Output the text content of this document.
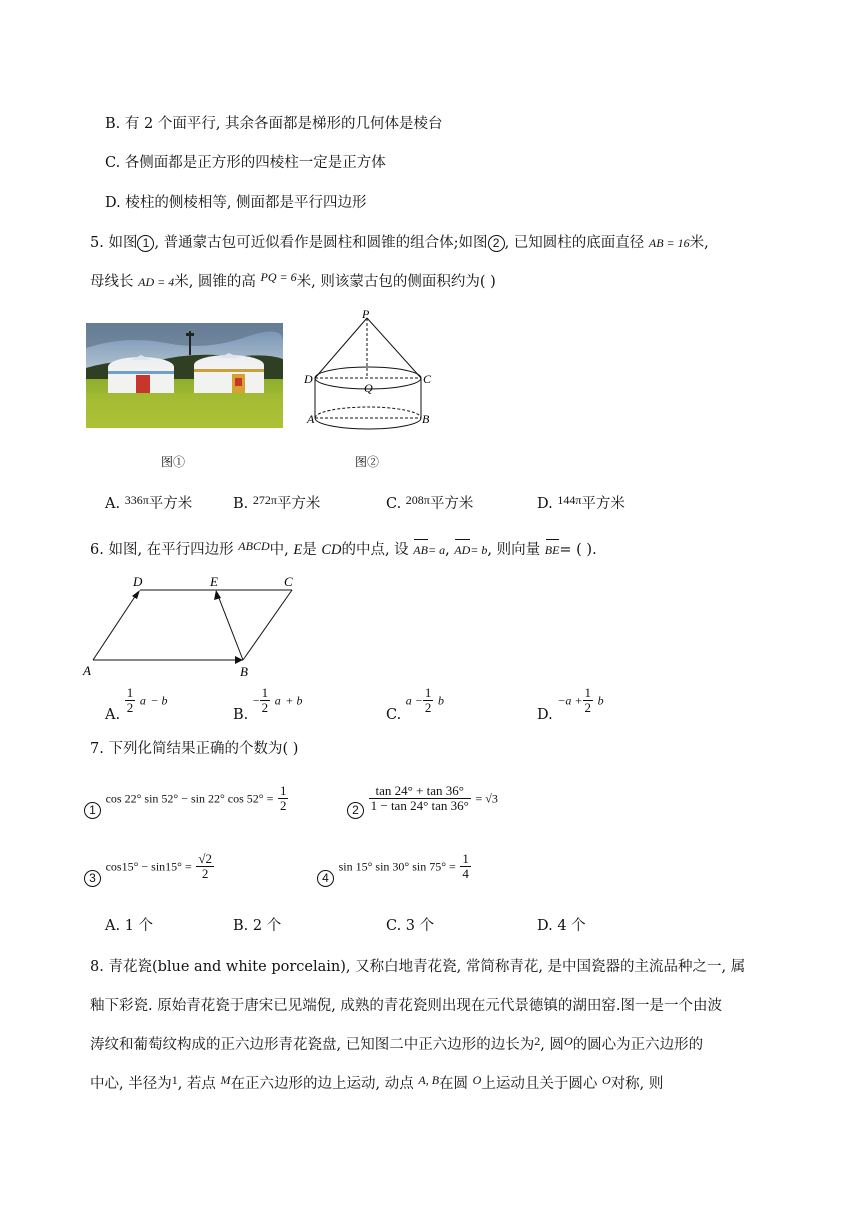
B. 有 2 个面平行, 其余各面都是梯形的几何体是棱台
C. 各侧面都是正方形的四棱柱一定是正方体
D. 棱柱的侧棱相等, 侧面都是平行四边形
5. 如图 1 , 普通蒙古包可近似看作是圆柱和圆锥的组合体;如图 2 , 已知圆柱的底面直径 AB = 16米,
母线长 AD = 4米, 圆锥的高 $^{PQ = 6}$米, 则该蒙古包的侧面积约为( )
图①
P
D	C
Q
A	B
图②
A. $^{336\pi}$平方米	B. $^{272\pi}$平方米	C. $^{208\pi}$平方米	D. $^{144\pi}$平方米
6. 如图, 在平行四边形 $^{ABCD}$中, E是 CD的中点, 设 AB= a, AD= b, 则向量 BE= ( ).
A	B
C
D	E
A. $\frac{1}{2}$ a − b
B. − $\frac{1}{2}$ a + b
C. $a - \frac{1}{2}$ b
D. $-a + \frac{1}{2}$ b
7. 下列化简结果正确的个数为( )
1 cos 22° sin 52° − sin 22° $\cos 52^\circ = \frac{1}{2}$	$2 \frac{\tan 24^\circ + \tan 36^\circ}{1 - \tan 24^\circ \tan 36^\circ} = √3$
3 $\cos 15^\circ - \sin 15^\circ = \frac{√2}{2}$	4 sin 15° sin 30° $\sin 75^\circ = \frac{1}{4}$
A. 1 个	B. 2 个	C. 3 个	D. 4 个
8. 青花瓷(blue and white porcelain), 又称白地青花瓷, 常简称青花, 是中国瓷器的主流品种之一, 属
釉下彩瓷. 原始青花瓷于唐宋已见端倪, 成熟的青花瓷则出现在元代景德镇的湖田窑.图一是一个由波
涛纹和葡萄纹构成的正六边形青花瓷盘, 已知图二中正六边形的边长为$^2$, 圆$^O$的圆心为正六边形的
中心, 半径为$^1$, 若点 $^M$在正六边形的边上运动, 动点 $^{A, B}$在圆 $^O$上运动且关于圆心 $^O$对称, 则
